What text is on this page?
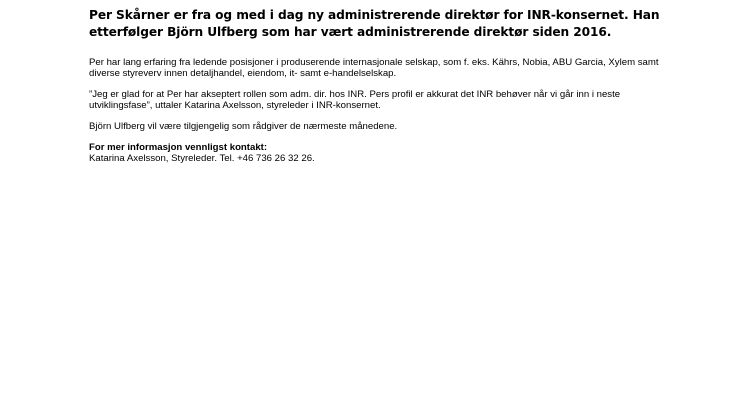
Per Skårner er fra og med i dag ny administrerende direktør for INR-konsernet. Han etterfølger Björn Ulfberg som har vært administrerende direktør siden 2016.

Per har lang erfaring fra ledende posisjoner i produserende internasjonale selskap, som f. eks. Kährs, Nobia, ABU Garcia, Xylem samt diverse styreverv innen detaljhandel, eiendom, it- samt e-handelselskap.

”Jeg er glad for at Per har akseptert rollen som adm. dir. hos INR. Pers profil er akkurat det INR behøver når vi går inn i neste utviklingsfase”, uttaler Katarina Axelsson, styreleder i INR-konsernet.

Björn Ulfberg vil være tilgjengelig som rådgiver de nærmeste månedene.

For mer informasjon vennligst kontakt:

Katarina Axelsson, Styreleder. Tel. +46 736 26 32 26.
